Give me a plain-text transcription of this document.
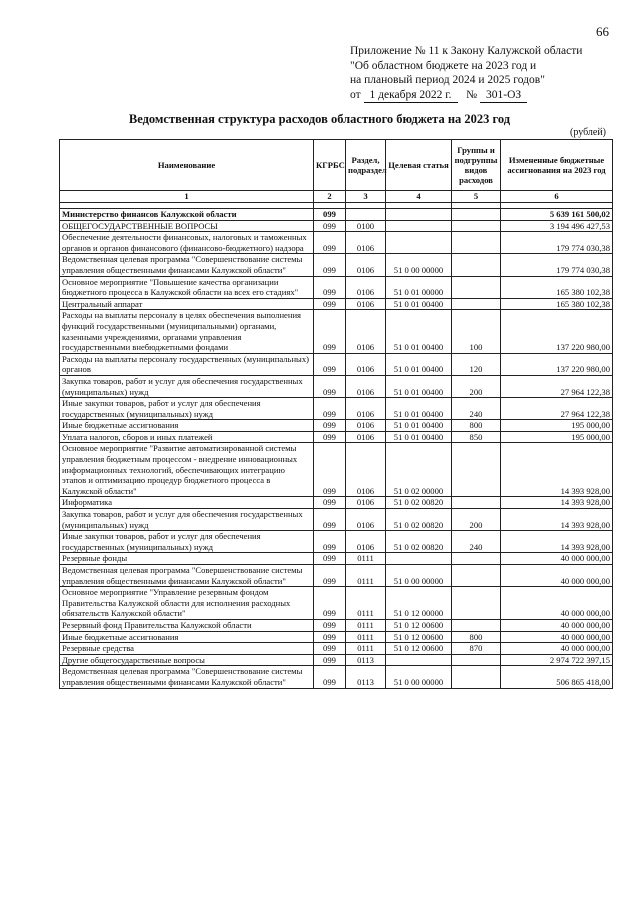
66
Приложение № 11 к Закону Калужской области
"Об областном бюджете на 2023 год и
на плановый период 2024 и 2025 годов"
от 1 декабря 2022 г. № 301-ОЗ
Ведомственная структура расходов областного бюджета на 2023 год
(рублей)
Наименование	КГРБС	Раздел, подраздел	Целевая статья	Группы и подгруппы видов расходов	Измененные бюджетные ассигнования на 2023 год
1	2	3	4	5	6

Министерство финансов Калужской области	099				5 639 161 500,02
ОБЩЕГОСУДАРСТВЕННЫЕ ВОПРОСЫ	099	0100			3 194 496 427,53
Обеспечение деятельности финансовых, налоговых и таможенных органов и органов финансового (финансово-бюджетного) надзора	099	0106			179 774 030,38
Ведомственная целевая программа "Совершенствование системы управления общественными финансами Калужской области"	099	0106	51 0 00 00000		179 774 030,38
Основное мероприятие "Повышение качества организации бюджетного процесса в Калужской области на всех его стадиях"	099	0106	51 0 01 00000		165 380 102,38
Центральный аппарат	099	0106	51 0 01 00400		165 380 102,38
Расходы на выплаты персоналу в целях обеспечения выполнения функций государственными (муниципальными) органами, казенными учреждениями, органами управления государственными внебюджетными фондами	099	0106	51 0 01 00400	100	137 220 980,00
Расходы на выплаты персоналу государственных (муниципальных) органов	099	0106	51 0 01 00400	120	137 220 980,00
Закупка товаров, работ и услуг для обеспечения государственных (муниципальных) нужд	099	0106	51 0 01 00400	200	27 964 122,38
Иные закупки товаров, работ и услуг для обеспечения государственных (муниципальных) нужд	099	0106	51 0 01 00400	240	27 964 122,38
Иные бюджетные ассигнования	099	0106	51 0 01 00400	800	195 000,00
Уплата налогов, сборов и иных платежей	099	0106	51 0 01 00400	850	195 000,00
Основное мероприятие "Развитие автоматизированной системы управления бюджетным процессом - внедрение инновационных информационных технологий, обеспечивающих интеграцию этапов и оптимизацию процедур бюджетного процесса в Калужской области"	099	0106	51 0 02 00000		14 393 928,00
Информатика	099	0106	51 0 02 00820		14 393 928,00
Закупка товаров, работ и услуг для обеспечения государственных (муниципальных) нужд	099	0106	51 0 02 00820	200	14 393 928,00
Иные закупки товаров, работ и услуг для обеспечения государственных (муниципальных) нужд	099	0106	51 0 02 00820	240	14 393 928,00
Резервные фонды	099	0111			40 000 000,00
Ведомственная целевая программа "Совершенствование системы управления общественными финансами Калужской области"	099	0111	51 0 00 00000		40 000 000,00
Основное мероприятие "Управление резервным фондом Правительства Калужской области для исполнения расходных обязательств Калужской области"	099	0111	51 0 12 00000		40 000 000,00
Резервный фонд Правительства Калужской области	099	0111	51 0 12 00600		40 000 000,00
Иные бюджетные ассигнования	099	0111	51 0 12 00600	800	40 000 000,00
Резервные средства	099	0111	51 0 12 00600	870	40 000 000,00
Другие общегосударственные вопросы	099	0113			2 974 722 397,15
Ведомственная целевая программа "Совершенствование системы управления общественными финансами Калужской области"	099	0113	51 0 00 00000		506 865 418,00
